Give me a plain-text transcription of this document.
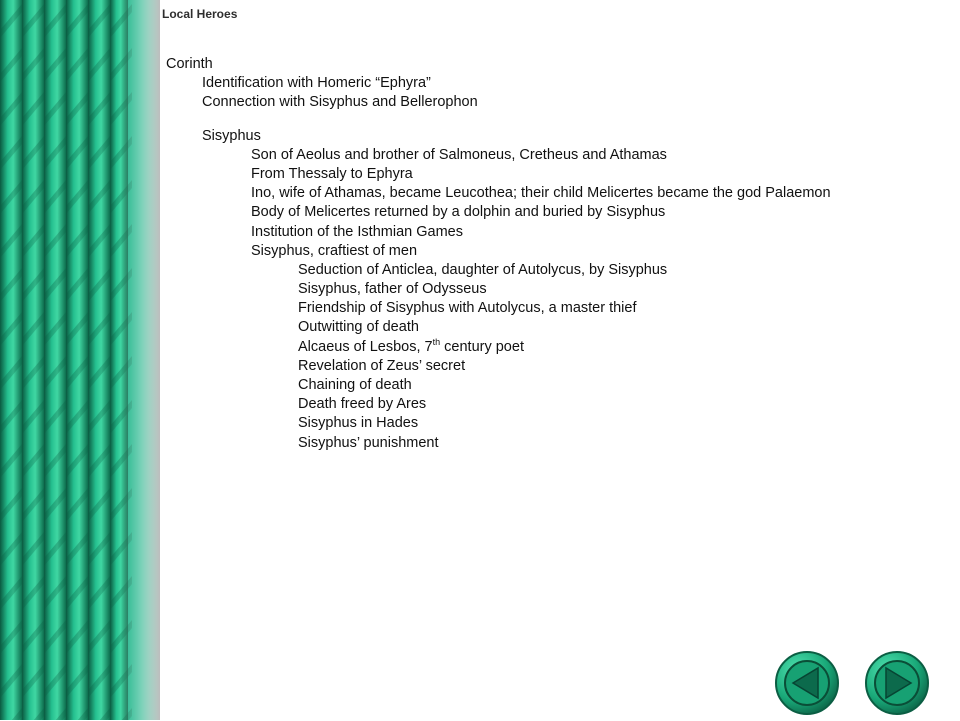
Local Heroes
Corinth
Identification with Homeric “Ephyra”
Connection with Sisyphus and Bellerophon
Sisyphus
Son of Aeolus and brother of Salmoneus, Cretheus and Athamas
From Thessaly to Ephyra
Ino, wife of Athamas, became Leucothea; their child Melicertes became the god Palaemon
Body of Melicertes returned by a dolphin and buried by Sisyphus
Institution of the Isthmian Games
Sisyphus, craftiest of men
Seduction of Anticlea, daughter of Autolycus, by Sisyphus
Sisyphus, father of Odysseus
Friendship of Sisyphus with Autolycus, a master thief
Outwitting of death
Alcaeus of Lesbos, 7th century poet
Revelation of Zeus’ secret
Chaining of death
Death freed by Ares
Sisyphus in Hades
Sisyphus’ punishment
